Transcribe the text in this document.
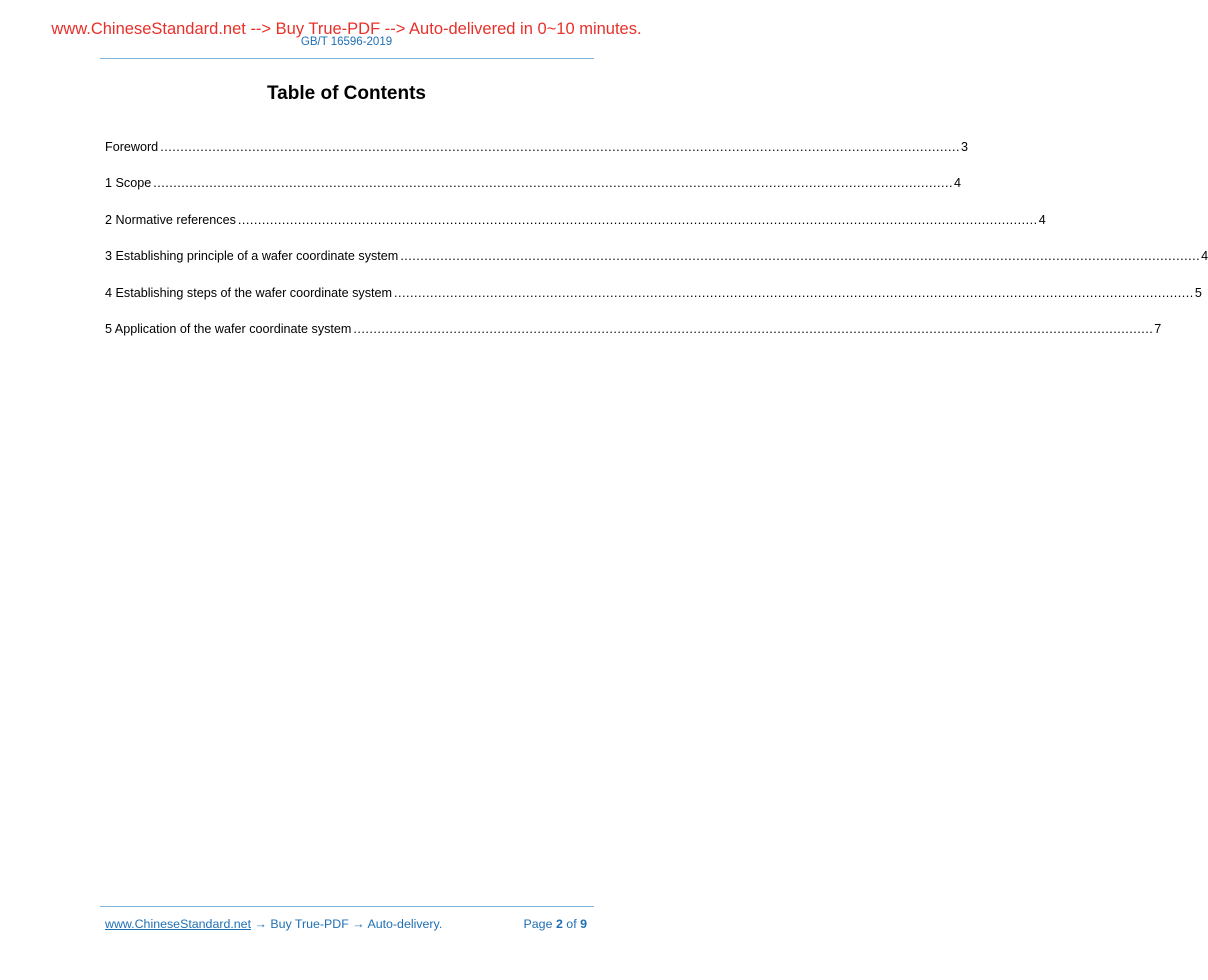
www.ChineseStandard.net --> Buy True-PDF --> Auto-delivered in 0~10 minutes.
GB/T 16596-2019
Table of Contents
Foreword ........................................................................................................................................................................................................ 3
1 Scope ........................................................................................................................................................................................................ 4
2 Normative references ........................................................................................................................................................................................................ 4
3 Establishing principle of a wafer coordinate system ........................................................................................................................................................................................................ 4
4 Establishing steps of the wafer coordinate system ........................................................................................................................................................................................................ 5
5 Application of the wafer coordinate system ........................................................................................................................................................................................................ 7
www.ChineseStandard.net → Buy True-PDF → Auto-delivery.	Page 2 of 9
